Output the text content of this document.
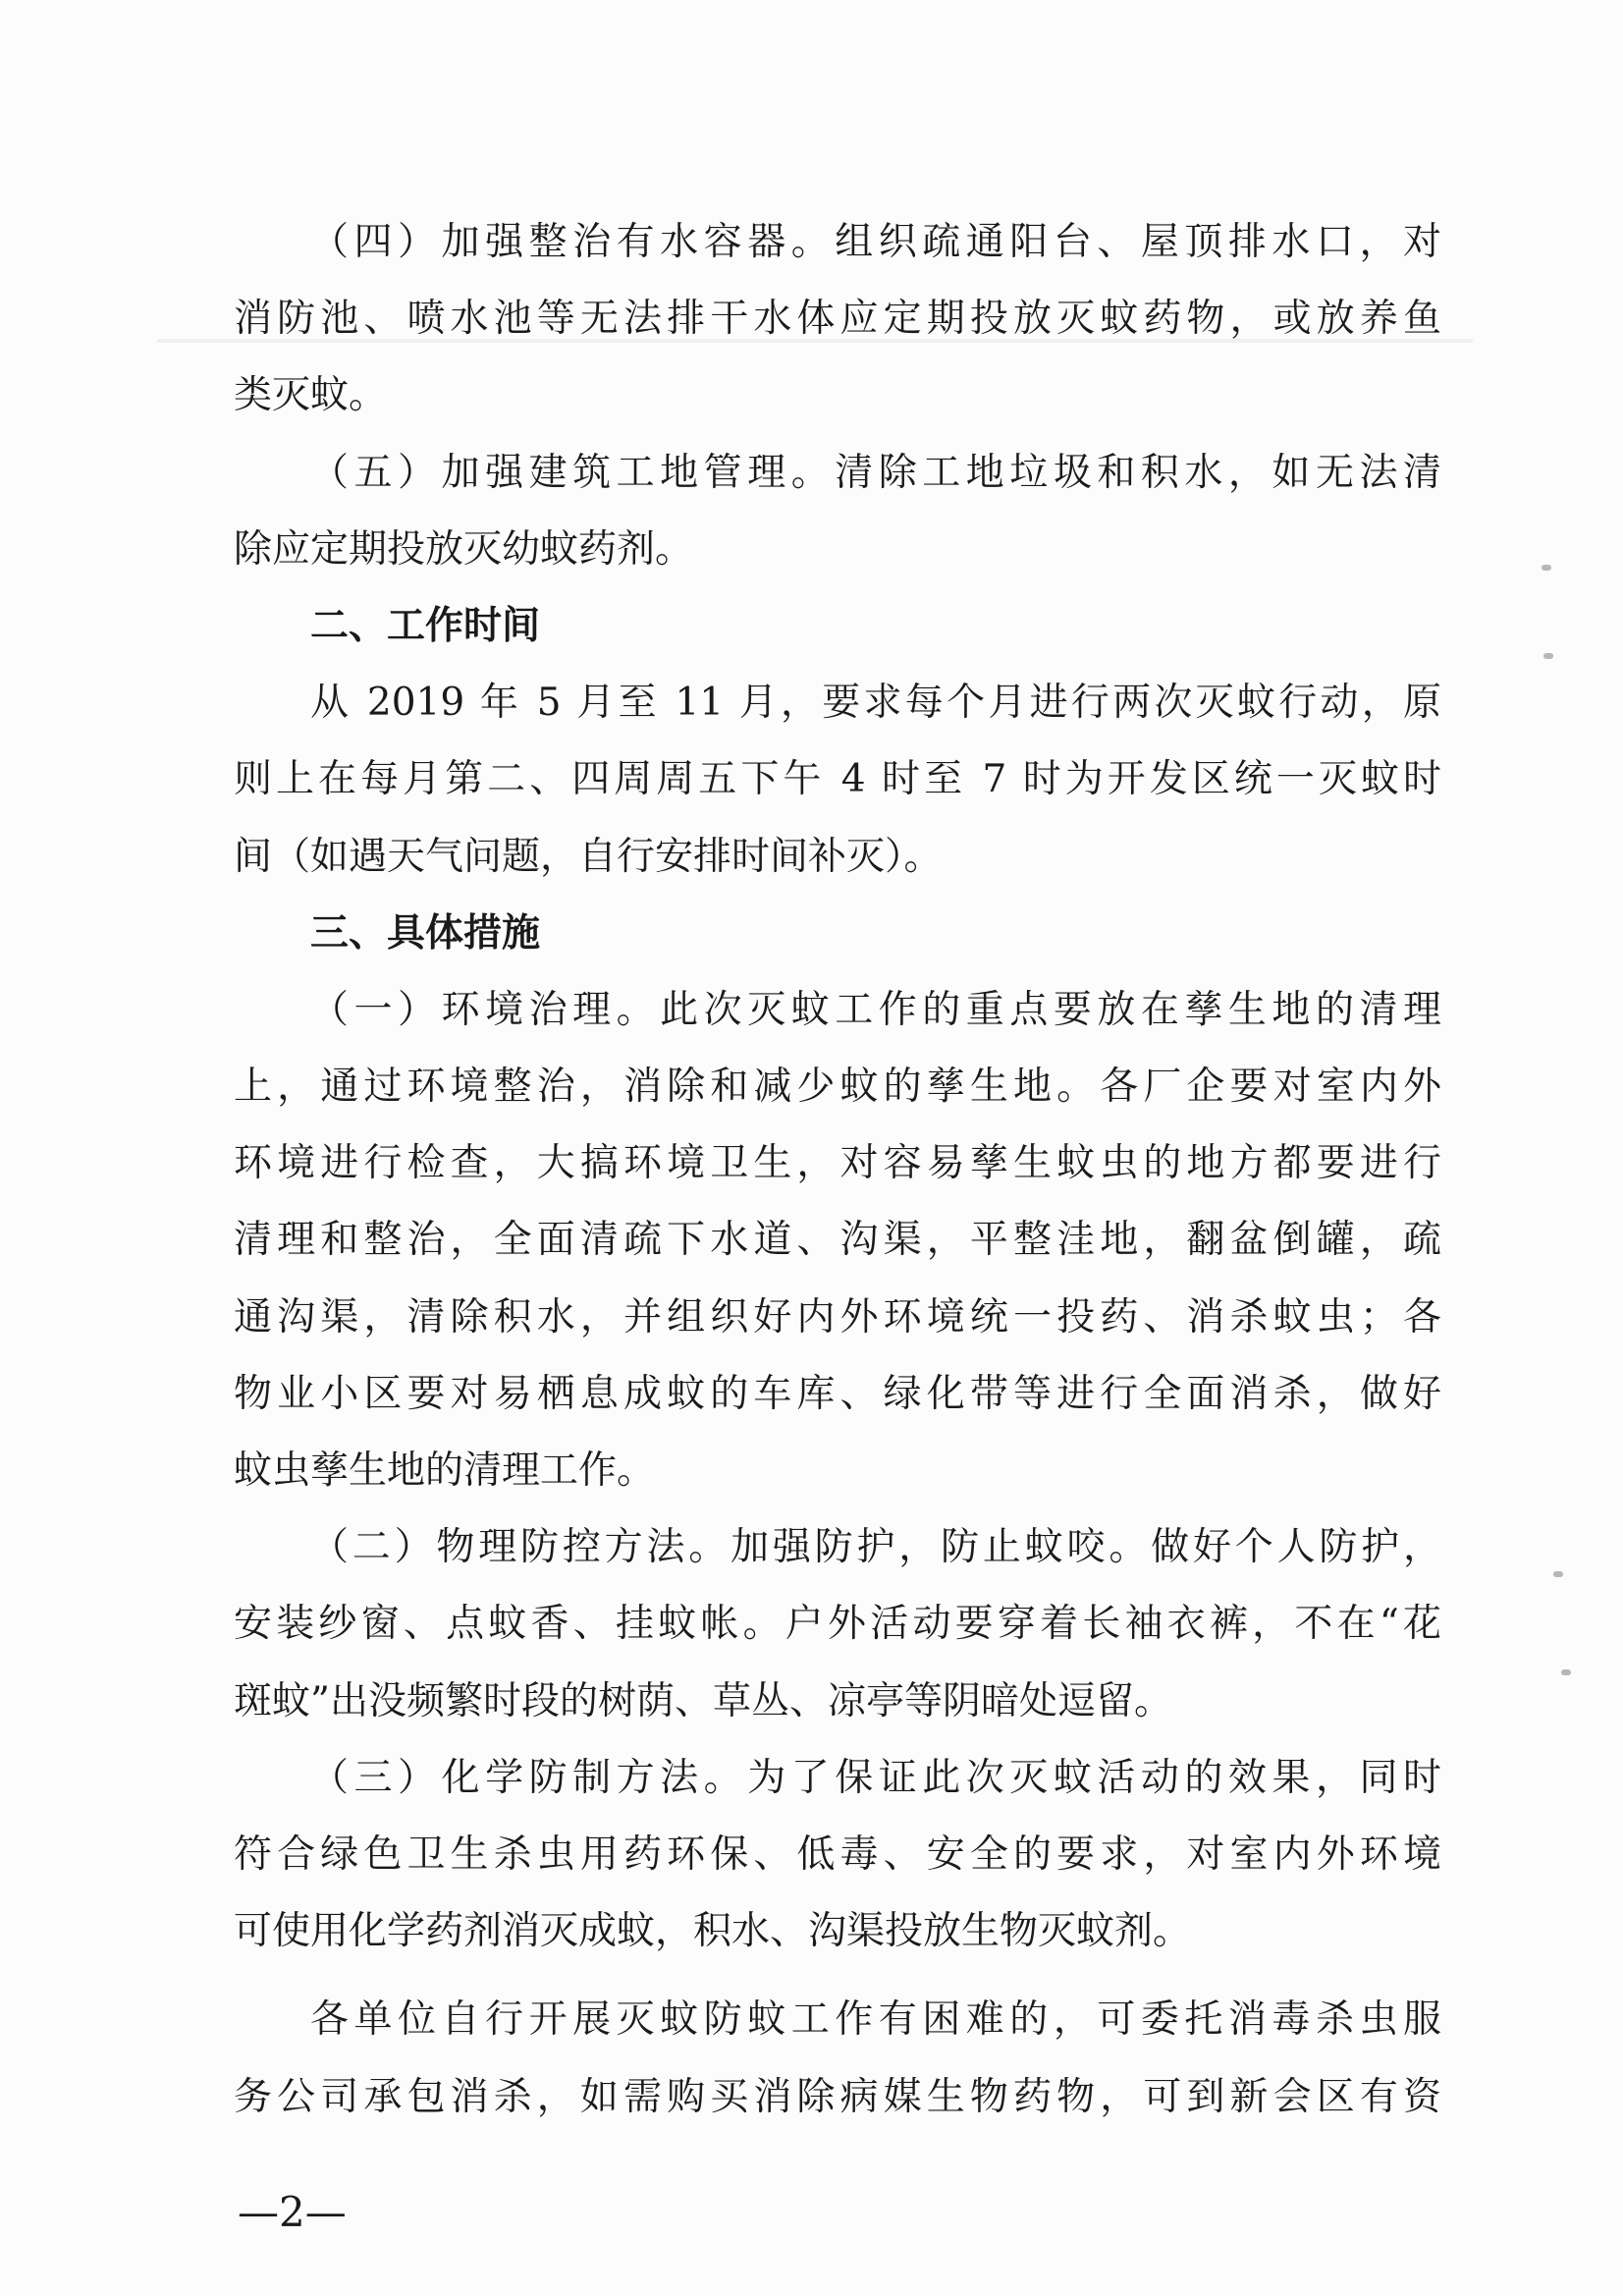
（四）加强整治有水容器。组织疏通阳台、屋顶排水口，对
消防池、喷水池等无法排干水体应定期投放灭蚊药物，或放养鱼
类灭蚊。
（五）加强建筑工地管理。清除工地垃圾和积水，如无法清
除应定期投放灭幼蚊药剂。
二、工作时间
从 2019 年 5 月至 11 月，要求每个月进行两次灭蚊行动，原
则上在每月第二、四周周五下午 4 时至 7 时为开发区统一灭蚊时
间（如遇天气问题，自行安排时间补灭）。
三、具体措施
（一）环境治理。此次灭蚊工作的重点要放在孳生地的清理
上，通过环境整治，消除和减少蚊的孳生地。各厂企要对室内外
环境进行检查，大搞环境卫生，对容易孳生蚊虫的地方都要进行
清理和整治，全面清疏下水道、沟渠，平整洼地，翻盆倒罐，疏
通沟渠，清除积水，并组织好内外环境统一投药、消杀蚊虫；各
物业小区要对易栖息成蚊的车库、绿化带等进行全面消杀，做好
蚊虫孳生地的清理工作。
（二）物理防控方法。加强防护，防止蚊咬。做好个人防护，
安装纱窗、点蚊香、挂蚊帐。户外活动要穿着长袖衣裤，不在“花
斑蚊”出没频繁时段的树荫、草丛、凉亭等阴暗处逗留。
（三）化学防制方法。为了保证此次灭蚊活动的效果，同时
符合绿色卫生杀虫用药环保、低毒、安全的要求，对室内外环境
可使用化学药剂消灭成蚊，积水、沟渠投放生物灭蚊剂。
各单位自行开展灭蚊防蚊工作有困难的，可委托消毒杀虫服
务公司承包消杀，如需购买消除病媒生物药物，可到新会区有资
—2—
